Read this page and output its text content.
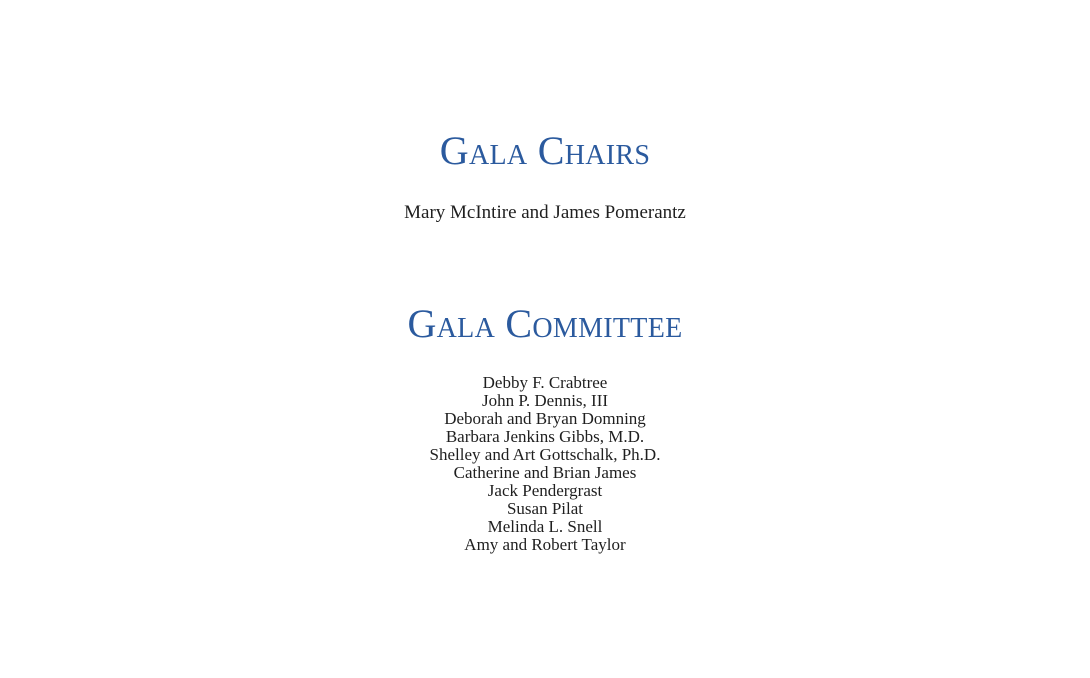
Gala Chairs

Mary McIntire and James Pomerantz

Gala Committee
Debby F. Crabtree
John P. Dennis, III
Deborah and Bryan Domning
Barbara Jenkins Gibbs, M.D.
Shelley and Art Gottschalk, Ph.D.
Catherine and Brian James
Jack Pendergrast
Susan Pilat
Melinda L. Snell
Amy and Robert Taylor
